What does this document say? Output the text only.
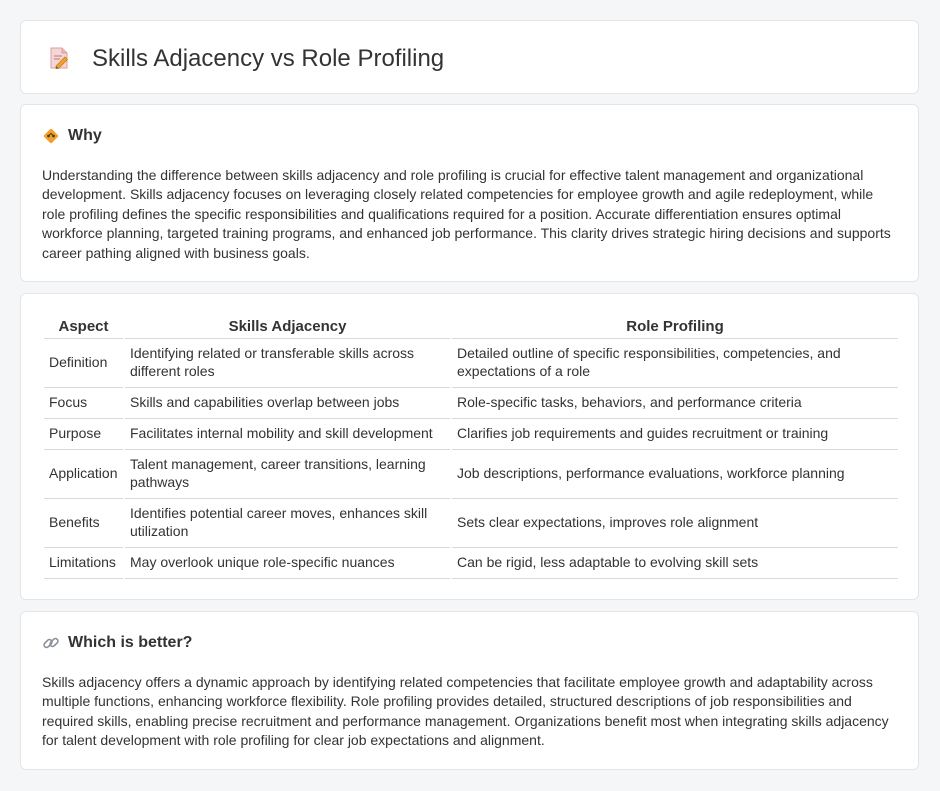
Skills Adjacency vs Role Profiling
Why

Understanding the difference between skills adjacency and role profiling is crucial for effective talent management and organizational development. Skills adjacency focuses on leveraging closely related competencies for employee growth and agile redeployment, while role profiling defines the specific responsibilities and qualifications required for a position. Accurate differentiation ensures optimal workforce planning, targeted training programs, and enhanced job performance. This clarity drives strategic hiring decisions and supports career pathing aligned with business goals.

Aspect	Skills Adjacency	Role Profiling
Definition	Identifying related or transferable skills across different roles	Detailed outline of specific responsibilities, competencies, and expectations of a role
Focus	Skills and capabilities overlap between jobs	Role-specific tasks, behaviors, and performance criteria
Purpose	Facilitates internal mobility and skill development	Clarifies job requirements and guides recruitment or training
Application	Talent management, career transitions, learning pathways	Job descriptions, performance evaluations, workforce planning
Benefits	Identifies potential career moves, enhances skill utilization	Sets clear expectations, improves role alignment
Limitations	May overlook unique role-specific nuances	Can be rigid, less adaptable to evolving skill sets
Which is better?

Skills adjacency offers a dynamic approach by identifying related competencies that facilitate employee growth and adaptability across multiple functions, enhancing workforce flexibility. Role profiling provides detailed, structured descriptions of job responsibilities and required skills, enabling precise recruitment and performance management. Organizations benefit most when integrating skills adjacency for talent development with role profiling for clear job expectations and alignment.
